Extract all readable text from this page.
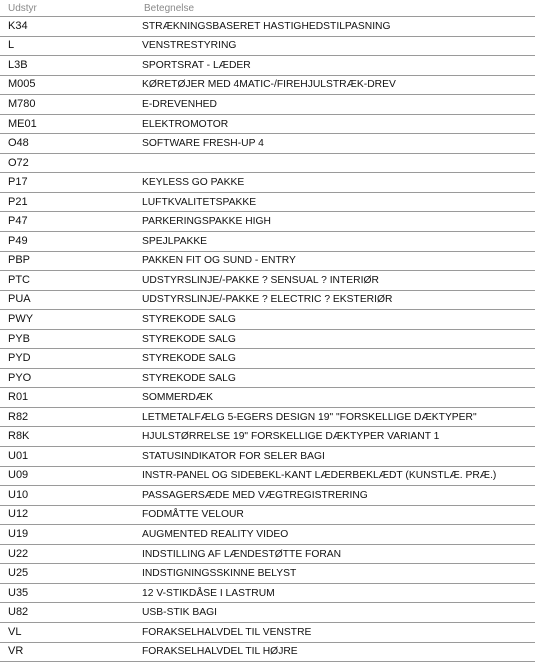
Udstyr	Betegnelse
K34	STRÆKNINGSBASERET HASTIGHEDSTILPASNING
L	VENSTRESTYRING
L3B	SPORTSRAT - LÆDER
M005	KØRETØJER MED 4MATIC-/FIREHJULSTRÆK-DREV
M780	E-DREVENHED
ME01	ELEKTROMOTOR
O48	SOFTWARE FRESH-UP 4
O72	
P17	KEYLESS GO PAKKE
P21	LUFTKVALITETSPAKKE
P47	PARKERINGSPAKKE HIGH
P49	SPEJLPAKKE
PBP	PAKKEN FIT OG SUND - ENTRY
PTC	UDSTYRSLINJE/-PAKKE ? SENSUAL ? INTERIØR
PUA	UDSTYRSLINJE/-PAKKE ? ELECTRIC ? EKSTERIØR
PWY	STYREKODE SALG
PYB	STYREKODE SALG
PYD	STYREKODE SALG
PYO	STYREKODE SALG
R01	SOMMERDÆK
R82	LETMETALFÆLG 5-EGERS DESIGN 19" "FORSKELLIGE DÆKTYPER"
R8K	HJULSTØRRELSE 19" FORSKELLIGE DÆKTYPER VARIANT 1
U01	STATUSINDIKATOR FOR SELER BAGI
U09	INSTR-PANEL OG SIDEBEKL-KANT LÆDERBEKLÆDT (KUNSTLÆ. PRÆ.)
U10	PASSAGERSÆDE MED VÆGTREGISTRERING
U12	FODMÅTTE VELOUR
U19	AUGMENTED REALITY VIDEO
U22	INDSTILLING AF LÆNDESTØTTE FORAN
U25	INDSTIGNINGSSKINNE BELYST
U35	12 V-STIKDÅSE I LASTRUM
U82	USB-STIK BAGI
VL	FORAKSELHALVDEL TIL VENSTRE
VR	FORAKSELHALVDEL TIL HØJRE
